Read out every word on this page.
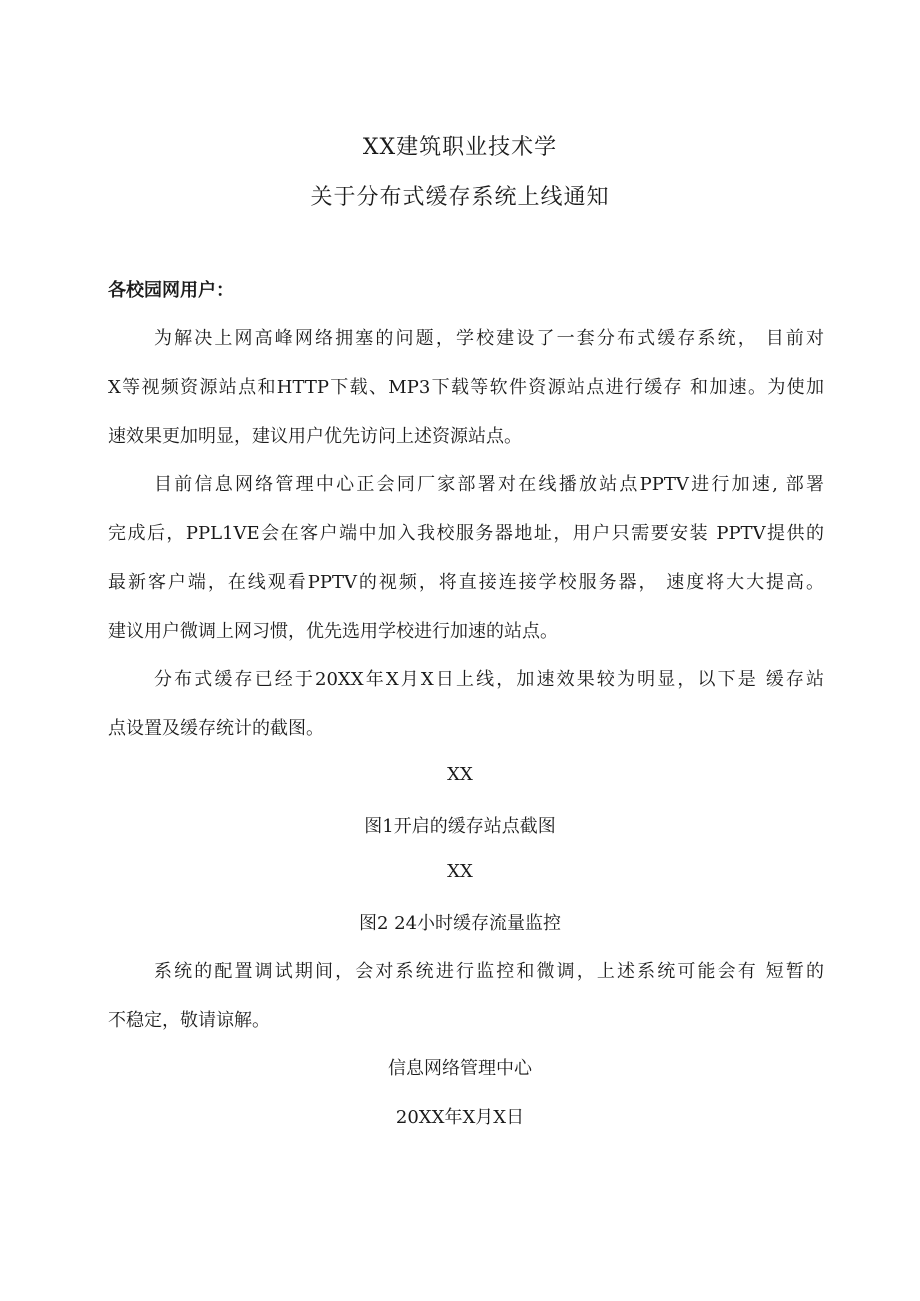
XX建筑职业技术学
关于分布式缓存系统上线通知
各校园网用户：
为解决上网高峰网络拥塞的问题，学校建设了一套分布式缓存系统， 目前对
X等视频资源站点和HTTP下载、MP3下载等软件资源站点进行缓存 和加速。为使加
速效果更加明显，建议用户优先访问上述资源站点。
目前信息网络管理中心正会同厂家部署对在线播放站点PPTV进行加速, 部署
完成后，PPL1VE会在客户端中加入我校服务器地址，用户只需要安装 PPTV提供的
最新客户端，在线观看PPTV的视频，将直接连接学校服务器， 速度将大大提高。
建议用户微调上网习惯，优先选用学校进行加速的站点。
分布式缓存已经于20XX年X月X日上线，加速效果较为明显，以下是 缓存站
点设置及缓存统计的截图。
XX
图1开启的缓存站点截图
XX
图2 24小时缓存流量监控
系统的配置调试期间，会对系统进行监控和微调，上述系统可能会有 短暂的
不稳定，敬请谅解。
信息网络管理中心
20XX年X月X日
